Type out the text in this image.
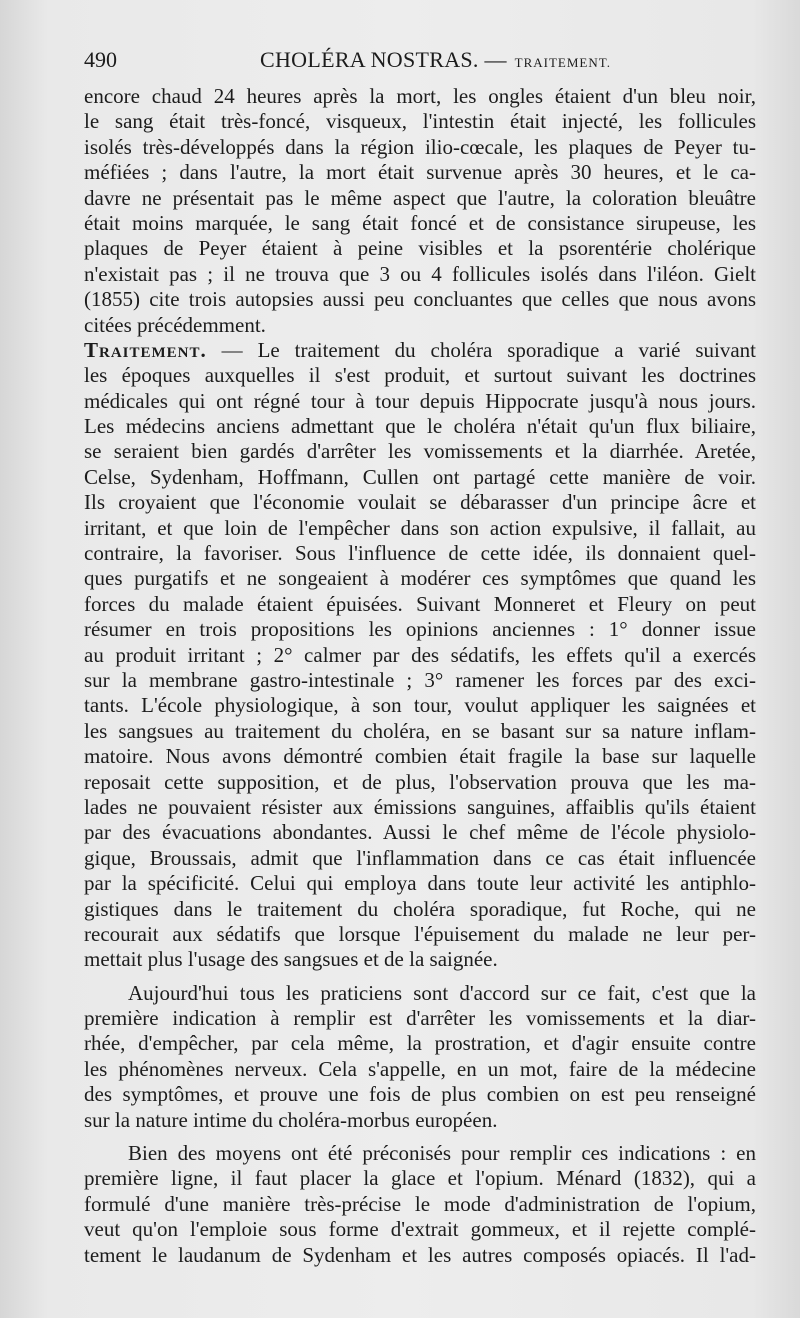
490	CHOLÉRA NOSTRAS. — TRAITEMENT.
encore chaud 24 heures après la mort, les ongles étaient d'un bleu noir,
le sang était très-foncé, visqueux, l'intestin était injecté, les follicules
isolés très-développés dans la région ilio-cœcale, les plaques de Peyer tu-
méfiées ; dans l'autre, la mort était survenue après 30 heures, et le ca-
davre ne présentait pas le même aspect que l'autre, la coloration bleuâtre
était moins marquée, le sang était foncé et de consistance sirupeuse, les
plaques de Peyer étaient à peine visibles et la psorentérie cholérique
n'existait pas ; il ne trouva que 3 ou 4 follicules isolés dans l'iléon. Gielt
(1855) cite trois autopsies aussi peu concluantes que celles que nous avons
citées précédemment.
Traitement. — Le traitement du choléra sporadique a varié suivant
les époques auxquelles il s'est produit, et surtout suivant les doctrines
médicales qui ont régné tour à tour depuis Hippocrate jusqu'à nous jours.
Les médecins anciens admettant que le choléra n'était qu'un flux biliaire,
se seraient bien gardés d'arrêter les vomissements et la diarrhée. Aretée,
Celse, Sydenham, Hoffmann, Cullen ont partagé cette manière de voir.
Ils croyaient que l'économie voulait se débarasser d'un principe âcre et
irritant, et que loin de l'empêcher dans son action expulsive, il fallait, au
contraire, la favoriser. Sous l'influence de cette idée, ils donnaient quel-
ques purgatifs et ne songeaient à modérer ces symptômes que quand les
forces du malade étaient épuisées. Suivant Monneret et Fleury on peut
résumer en trois propositions les opinions anciennes : 1° donner issue
au produit irritant ; 2° calmer par des sédatifs, les effets qu'il a exercés
sur la membrane gastro-intestinale ; 3° ramener les forces par des exci-
tants. L'école physiologique, à son tour, voulut appliquer les saignées et
les sangsues au traitement du choléra, en se basant sur sa nature inflam-
matoire. Nous avons démontré combien était fragile la base sur laquelle
reposait cette supposition, et de plus, l'observation prouva que les ma-
lades ne pouvaient résister aux émissions sanguines, affaiblis qu'ils étaient
par des évacuations abondantes. Aussi le chef même de l'école physiolo-
gique, Broussais, admit que l'inflammation dans ce cas était influencée
par la spécificité. Celui qui employa dans toute leur activité les antiphlo-
gistiques dans le traitement du choléra sporadique, fut Roche, qui ne
recourait aux sédatifs que lorsque l'épuisement du malade ne leur per-
mettait plus l'usage des sangsues et de la saignée.
Aujourd'hui tous les praticiens sont d'accord sur ce fait, c'est que la
première indication à remplir est d'arrêter les vomissements et la diar-
rhée, d'empêcher, par cela même, la prostration, et d'agir ensuite contre
les phénomènes nerveux. Cela s'appelle, en un mot, faire de la médecine
des symptômes, et prouve une fois de plus combien on est peu renseigné
sur la nature intime du choléra-morbus européen.
Bien des moyens ont été préconisés pour remplir ces indications : en
première ligne, il faut placer la glace et l'opium. Ménard (1832), qui a
formulé d'une manière très-précise le mode d'administration de l'opium,
veut qu'on l'emploie sous forme d'extrait gommeux, et il rejette complé-
tement le laudanum de Sydenham et les autres composés opiacés. Il l'ad-
